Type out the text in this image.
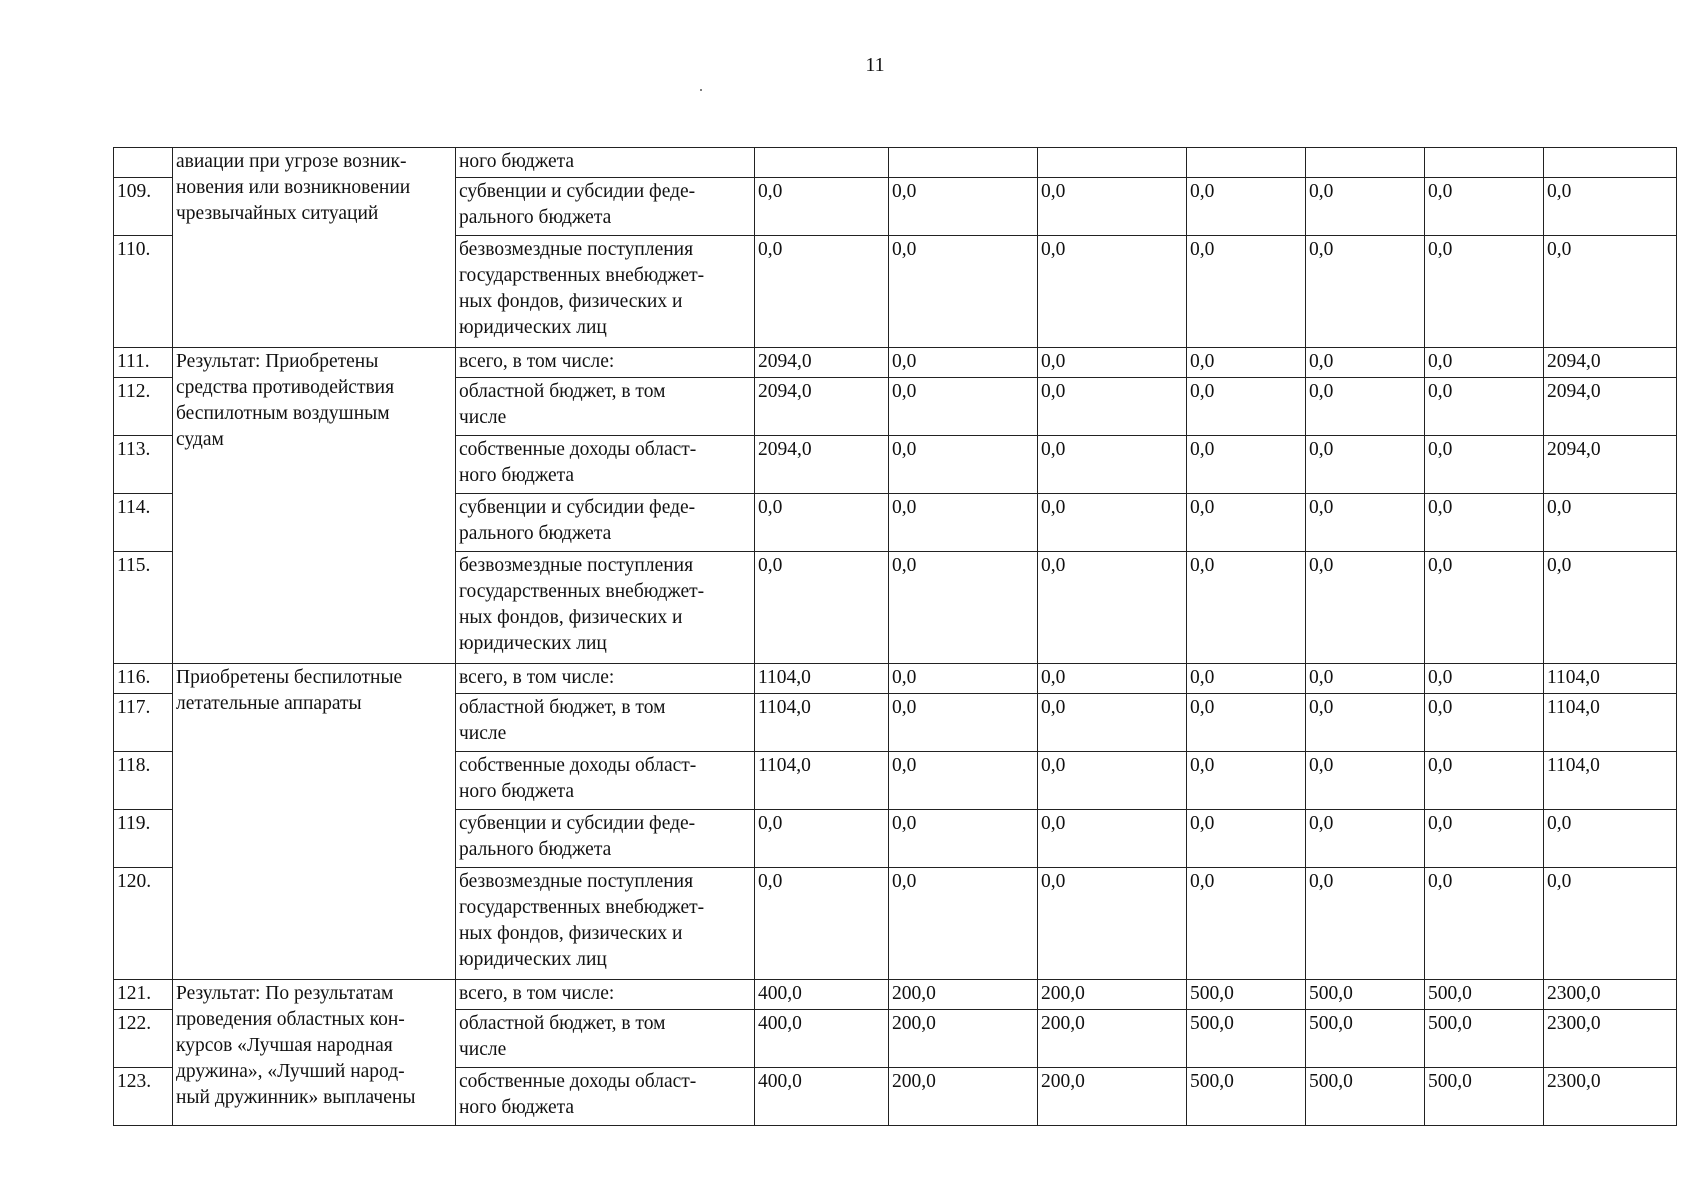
11
	авиации при угрозе возник-
новения или возникновении
чрезвычайных ситуаций	ного бюджета							
109.		субвенции и субсидии феде-
рального бюджета	0,0	0,0	0,0	0,0	0,0	0,0	0,0
110.		безвозмездные поступления
государственных внебюджет-
ных фондов, физических и
юридических лиц	0,0	0,0	0,0	0,0	0,0	0,0	0,0
111.	Результат: Приобретены
средства противодействия
беспилотным воздушным
судам	всего, в том числе:	2094,0	0,0	0,0	0,0	0,0	0,0	2094,0
112.		областной бюджет, в том
числе	2094,0	0,0	0,0	0,0	0,0	0,0	2094,0
113.		собственные доходы област-
ного бюджета	2094,0	0,0	0,0	0,0	0,0	0,0	2094,0
114.		субвенции и субсидии феде-
рального бюджета	0,0	0,0	0,0	0,0	0,0	0,0	0,0
115.		безвозмездные поступления
государственных внебюджет-
ных фондов, физических и
юридических лиц	0,0	0,0	0,0	0,0	0,0	0,0	0,0
116.	Приобретены беспилотные
летательные аппараты	всего, в том числе:	1104,0	0,0	0,0	0,0	0,0	0,0	1104,0
117.		областной бюджет, в том
числе	1104,0	0,0	0,0	0,0	0,0	0,0	1104,0
118.		собственные доходы област-
ного бюджета	1104,0	0,0	0,0	0,0	0,0	0,0	1104,0
119.		субвенции и субсидии феде-
рального бюджета	0,0	0,0	0,0	0,0	0,0	0,0	0,0
120.		безвозмездные поступления
государственных внебюджет-
ных фондов, физических и
юридических лиц	0,0	0,0	0,0	0,0	0,0	0,0	0,0
121.	Результат: По результатам
проведения областных кон-
курсов «Лучшая народная
дружина», «Лучший народ-
ный дружинник» выплачены	всего, в том числе:	400,0	200,0	200,0	500,0	500,0	500,0	2300,0
122.		областной бюджет, в том
числе	400,0	200,0	200,0	500,0	500,0	500,0	2300,0
123.		собственные доходы област-
ного бюджета	400,0	200,0	200,0	500,0	500,0	500,0	2300,0
